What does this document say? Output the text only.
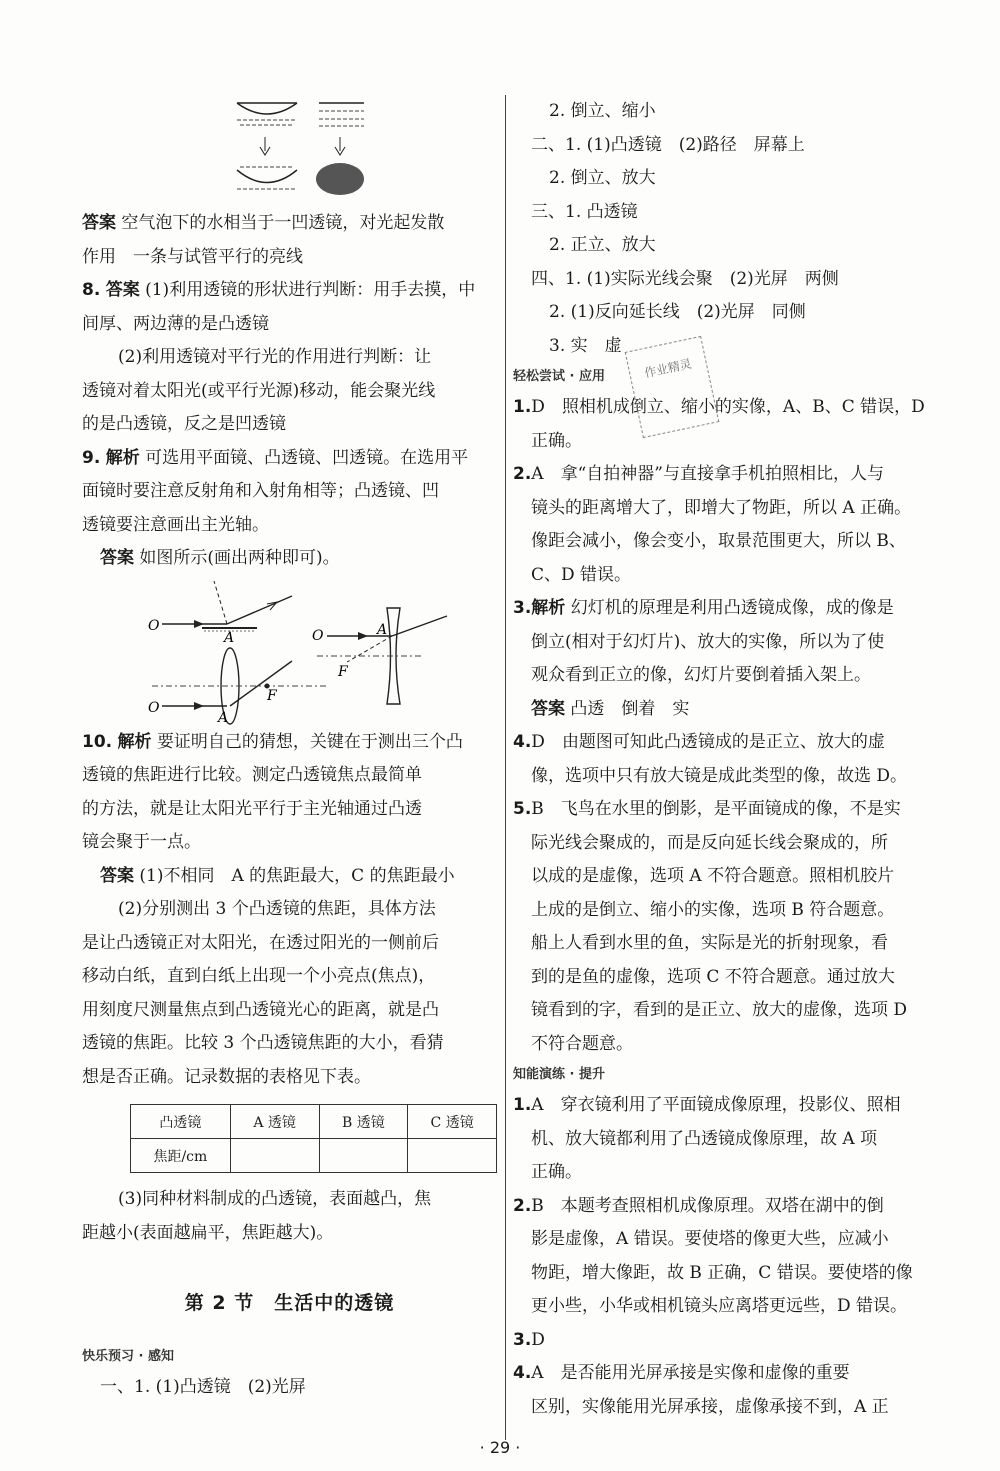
答案 空气泡下的水相当于一凹透镜，对光起发散

作用　一条与试管平行的亮线

8. 答案 (1)利用透镜的形状进行判断：用手去摸，中

间厚、两边薄的是凸透镜

(2)利用透镜对平行光的作用进行判断：让

透镜对着太阳光(或平行光源)移动，能会聚光线

的是凸透镜，反之是凹透镜

9. 解析 可选用平面镜、凸透镜、凹透镜。在选用平

面镜时要注意反射角和入射角相等；凸透镜、凹

透镜要注意画出主光轴。

答案 如图所示(画出两种即可)。

O
A
O
F
A
O	A
F

10. 解析 要证明自己的猜想，关键在于测出三个凸

透镜的焦距进行比较。测定凸透镜焦点最简单

的方法，就是让太阳光平行于主光轴通过凸透

镜会聚于一点。

答案 (1)不相同　A 的焦距最大，C 的焦距最小

(2)分别测出 3 个凸透镜的焦距，具体方法

是让凸透镜正对太阳光，在透过阳光的一侧前后

移动白纸，直到白纸上出现一个小亮点(焦点)，

用刻度尺测量焦点到凸透镜光心的距离，就是凸

透镜的焦距。比较 3 个凸透镜焦距的大小，看猜

想是否正确。记录数据的表格见下表。

凸透镜	A 透镜	B 透镜	C 透镜
焦距/cm			

(3)同种材料制成的凸透镜，表面越凸，焦

距越小(表面越扁平，焦距越大)。

第 2 节　生活中的透镜

快乐预习 · 感知

一、1. (1)凸透镜　(2)光屏

2. 倒立、缩小

二、1. (1)凸透镜　(2)路径　屏幕上

2. 倒立、放大

三、1. 凸透镜

2. 正立、放大

四、1. (1)实际光线会聚　(2)光屏　两侧

2. (1)反向延长线　(2)光屏　同侧

3. 实　虚

轻松尝试 · 应用

1.D　 照相机成倒立、缩小的实像，A、B、C 错误，D

正确。

2.A　 拿“自拍神器”与直接拿手机拍照相比，人与

镜头的距离增大了，即增大了物距，所以 A 正确。

像距会减小，像会变小，取景范围更大，所以 B、

C、D 错误。

3.解析 幻灯机的原理是利用凸透镜成像，成的像是

倒立(相对于幻灯片)、放大的实像，所以为了使

观众看到正立的像，幻灯片要倒着插入架上。

答案 凸透　倒着　实

4.D　 由题图可知此凸透镜成的是正立、放大的虚

像，选项中只有放大镜是成此类型的像，故选 D。

5.B　 飞鸟在水里的倒影，是平面镜成的像，不是实

际光线会聚成的，而是反向延长线会聚成的，所

以成的是虚像，选项 A 不符合题意。照相机胶片

上成的是倒立、缩小的实像，选项 B 符合题意。

船上人看到水里的鱼，实际是光的折射现象，看

到的是鱼的虚像，选项 C 不符合题意。通过放大

镜看到的字，看到的是正立、放大的虚像，选项 D

不符合题意。

知能演练 · 提升

1.A　 穿衣镜利用了平面镜成像原理，投影仪、照相

机、放大镜都利用了凸透镜成像原理，故 A 项

正确。

2.B　 本题考查照相机成像原理。双塔在湖中的倒

影是虚像，A 错误。要使塔的像更大些，应减小

物距，增大像距，故 B 正确，C 错误。要使塔的像

更小些，小华或相机镜头应离塔更远些，D 错误。

3.D

4.A　 是否能用光屏承接是实像和虚像的重要

区别，实像能用光屏承接，虚像承接不到，A 正

作业精灵
· 29 ·
